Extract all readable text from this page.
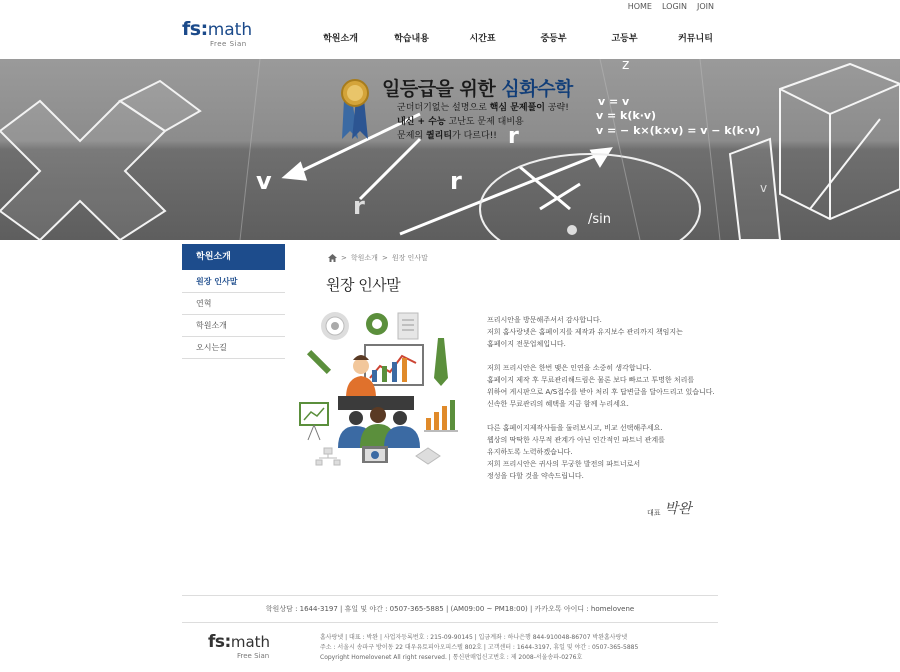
HOME LOGIN JOIN
fs:math
Free Sian	학원소개	학습내용	시간표	중등부	고등부	커뮤니티
일등급을 위한 심화수학
군더더기없는 설명으로 핵심 문제풀이 공략!
내신 + 수능 고난도 문제 대비용
문제의 퀄리티가 다르다!!
v = v
v = k(k·v)
v = − k×(k×v) = v − k(k·v)
v
r
r
r
/sin
v
z
학원소개
원장 인사말
연혁
학원소개
오시는길
> 학원소개 > 원장 인사말
원장 인사말

프리시안을 방문해주셔서 감사합니다.
저희 홈사랑넷은 홈페이지를 제작과 유지보수 관리까지 책임지는
홈페이지 전문업체입니다.

저희 프리시안은 한번 맺은 인연을 소중히 생각합니다.
홈페이지 제작 후 무료관리해드림은 물론 보다 빠르고 투명한 처리를
위하여 게시판으로 A/S접수를 받아 처리 후 답변글을 달아드리고 있습니다.
신속한 무료관리의 혜택을 지금 함께 누리세요.

다른 홈페이지제작사들을 둘러보시고, 비교 선택해주세요.
웹상의 딱딱한 사무적 관계가 아닌 인간적인 파트너 관계를
유지하도록 노력하겠습니다.
저희 프리시안은 귀사의 무궁한 발전의 파트너로서
정성을 다할 것을 약속드립니다.

대표 박완
학원상담 : 1644-3197 | 휴일 및 야간 : 0507-365-5885 | (AM09:00 ~ PM18:00) | 카카오톡 아이디 : homelovene
fs:math
Free Sian
홈사랑넷 | 대표 : 박완 | 사업자등록번호 : 215-09-90145 | 입금계좌 : 하나은행 844-910048-86707 박완홈사랑넷
주소 : 서울시 송파구 방이동 22 대우유토피아오피스텔 802호 | 고객센터 : 1644-3197, 휴일 및 야간 : 0507-365-5885
Copyright Homelovenet All right reserved. | 통신판매업신고번호 : 제 2008-서울송파-0276호
